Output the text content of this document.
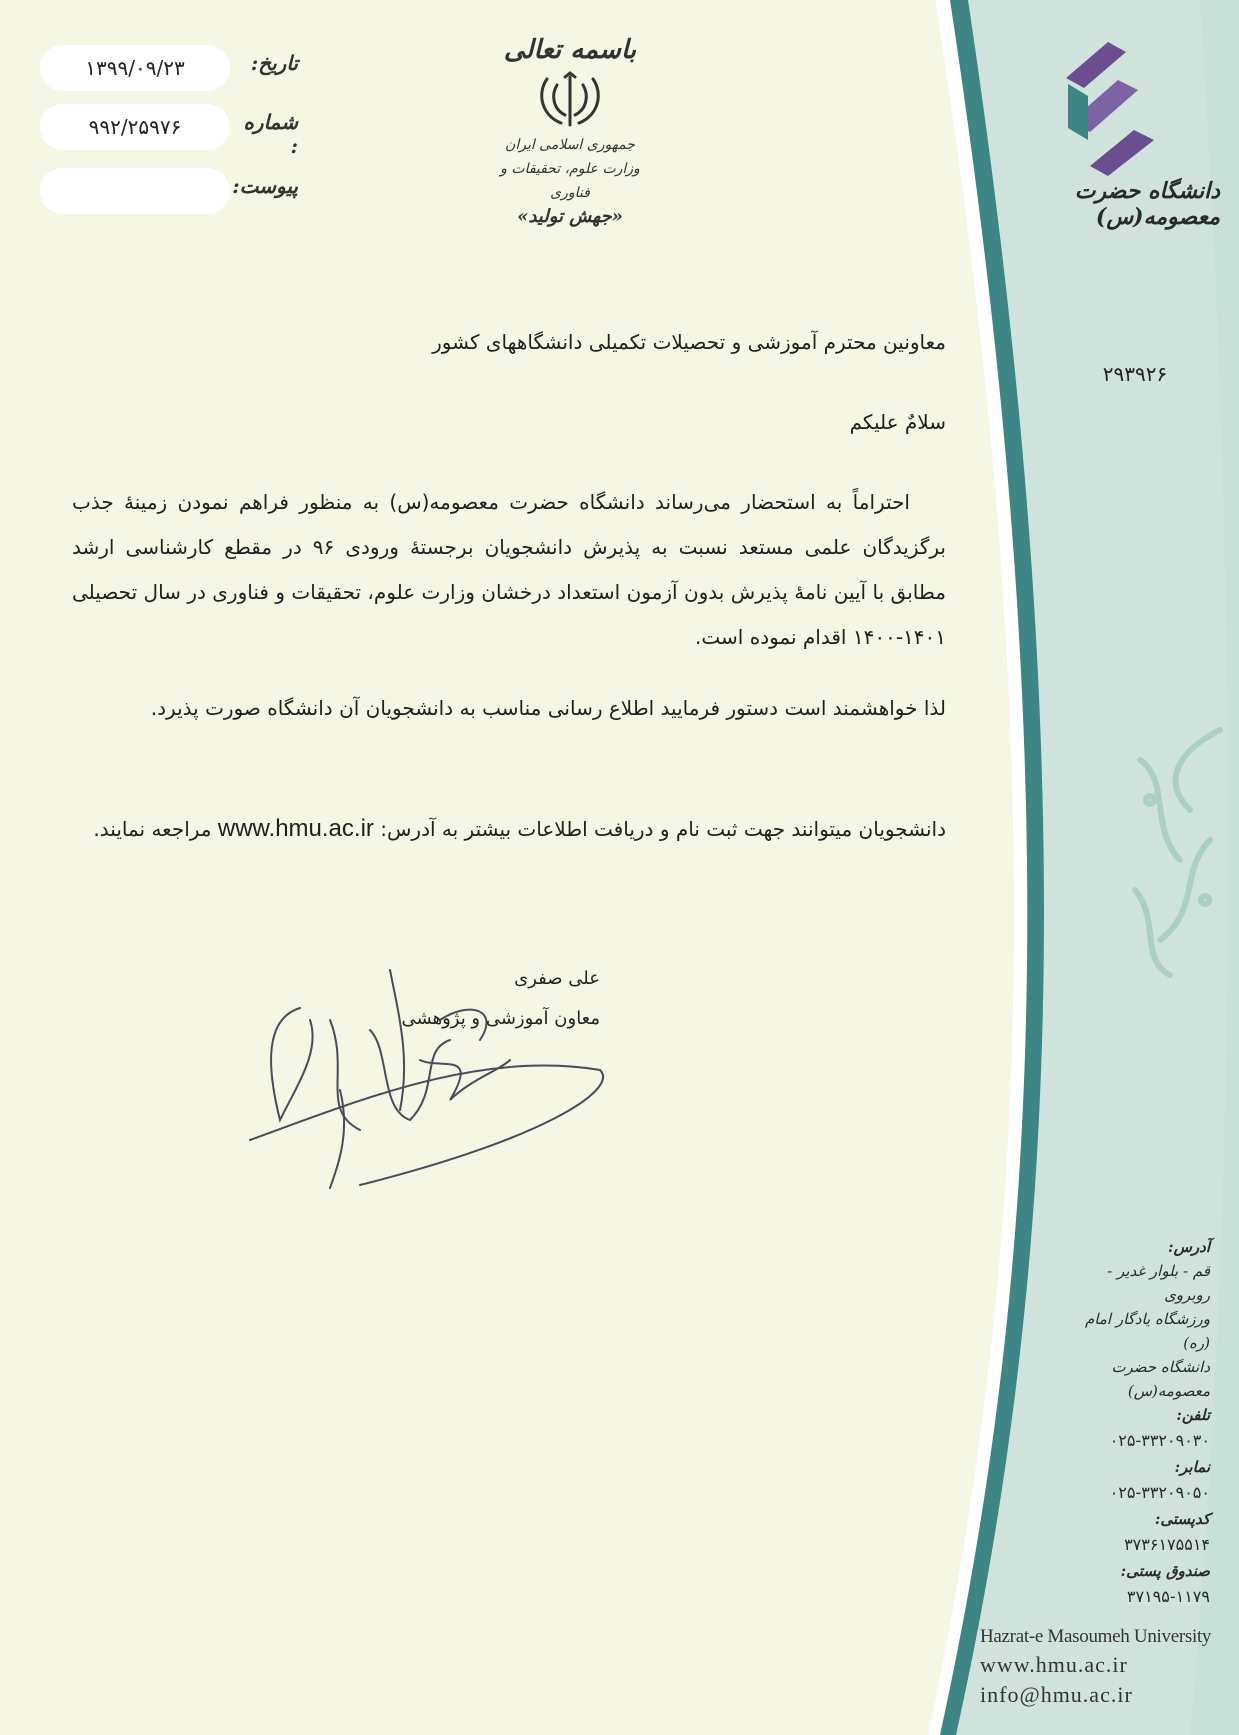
۱۳۹۹/۰۹/۲۳	تاریخ:
۹۹۲/۲۵۹۷۶	شماره :
پیوست:
باسمه تعالی
جمهوری اسلامی ایران
وزارت علوم، تحقیقات و فناوری
«جهش تولید»
دانشگاه حضرت معصومه(س)
۲۹۳۹۲۶
معاونین محترم آموزشی و تحصیلات تکمیلی دانشگاههای کشور
سلامٌ علیکم
احتراماً به استحضار می‌رساند دانشگاه حضرت معصومه(س) به منظور فراهم نمودن زمینهٔ جذب برگزیدگان علمی مستعد نسبت به پذیرش دانشجویان برجستهٔ ورودی ۹۶ در مقطع کارشناسی ارشد مطابق با آیین نامهٔ پذیرش بدون آزمون استعداد درخشان وزارت علوم، تحقیقات و فناوری در سال تحصیلی ۱۴۰۱-۱۴۰۰ اقدام نموده است.
لذا خواهشمند است دستور فرمایید اطلاع رسانی مناسب به دانشجویان آن دانشگاه صورت پذیرد.
دانشجویان میتوانند جهت ثبت نام و دریافت اطلاعات بیشتر به آدرس: www.hmu.ac.ir مراجعه نمایند.
علی صفری
معاون آموزشی و پژوهشی
آدرس:
قم - بلوار غدیر - روبروی
ورزشگاه یادگار امام (ره)
دانشگاه حضرت معصومه(س)
تلفن:
۰۲۵-۳۳۲۰۹۰۳۰
نمابر:
۰۲۵-۳۳۲۰۹۰۵۰
کدپستی:
۳۷۳۶۱۷۵۵۱۴
صندوق پستی:
۳۷۱۹۵-۱۱۷۹
Hazrat-e Masoumeh University
www.hmu.ac.ir
info@hmu.ac.ir
